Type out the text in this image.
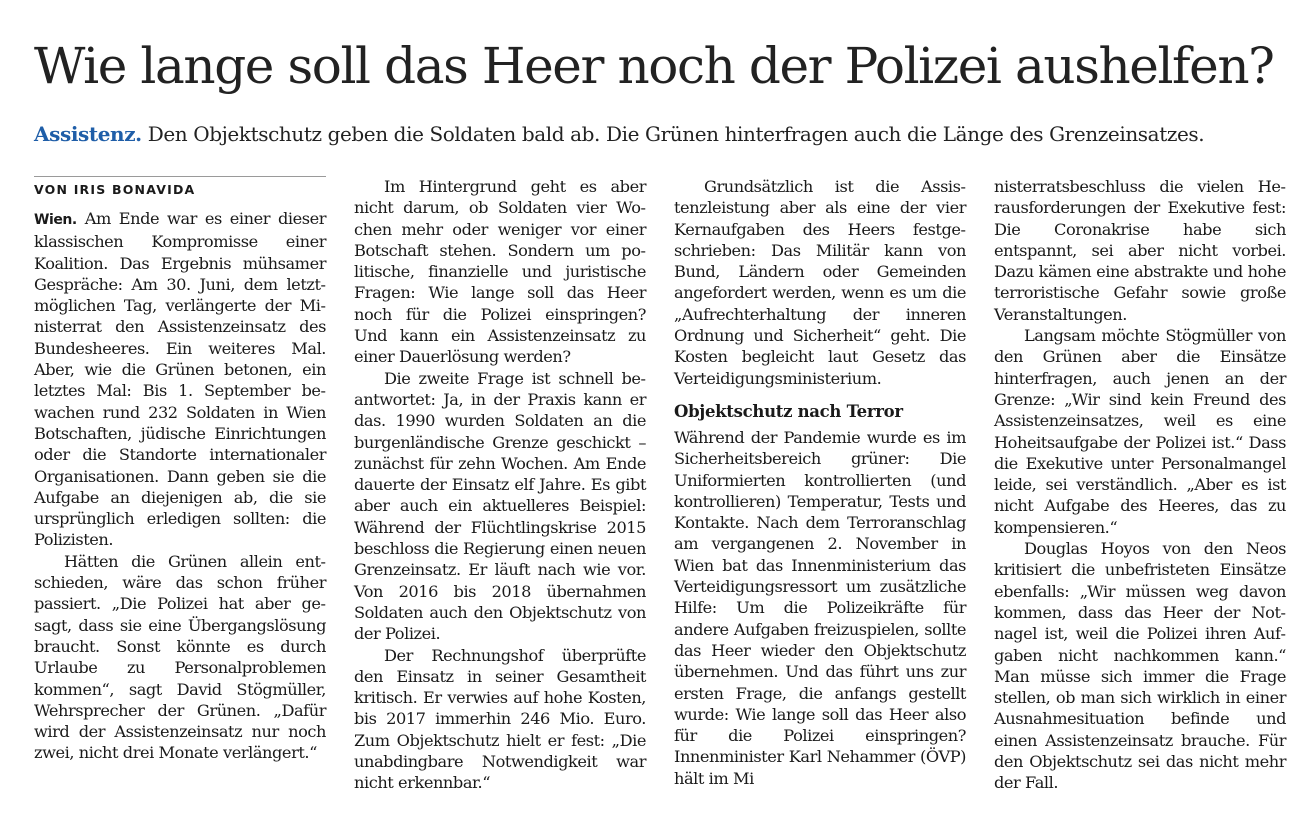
Wie lange soll das Heer noch der Polizei aushelfen?

Assistenz. Den Objektschutz geben die Soldaten bald ab. Die Grünen hinterfragen auch die Länge des Grenzeinsatzes.

VON IRIS BONAVIDA

Wien. Am Ende war es einer dieser klassischen Kompromisse einer Koalition. Das Ergebnis mühsamer Gespräche: Am 30. Juni, dem letztmöglichen Tag, verlängerte der Ministerrat den Assistenzeinsatz des Bundesheeres. Ein weiteres Mal. Aber, wie die Grünen betonen, ein letztes Mal: Bis 1. September bewachen rund 232 Soldaten in Wien Botschaften, jüdische Einrichtungen oder die Standorte internationaler Organisationen. Dann geben sie die Aufgabe an diejenigen ab, die sie ursprünglich erledigen sollten: die Polizisten.

Hätten die Grünen allein entschieden, wäre das schon früher passiert. „Die Polizei hat aber gesagt, dass sie eine Übergangslösung braucht. Sonst könnte es durch Urlaube zu Personalproblemen kommen“, sagt David Stögmüller, Wehrsprecher der Grünen. „Dafür wird der Assistenzeinsatz nur noch zwei, nicht drei Monate verlängert.“

Im Hintergrund geht es aber nicht darum, ob Soldaten vier Wochen mehr oder weniger vor einer Botschaft stehen. Sondern um politische, finanzielle und juristische Fragen: Wie lange soll das Heer noch für die Polizei einspringen? Und kann ein Assistenzeinsatz zu einer Dauerlösung werden?

Die zweite Frage ist schnell beantwortet: Ja, in der Praxis kann er das. 1990 wurden Soldaten an die burgenländische Grenze geschickt – zunächst für zehn Wochen. Am Ende dauerte der Einsatz elf Jahre. Es gibt aber auch ein aktuelleres Beispiel: Während der Flüchtlingskrise 2015 beschloss die Regierung einen neuen Grenzeinsatz. Er läuft nach wie vor. Von 2016 bis 2018 übernahmen Soldaten auch den Objektschutz von der Polizei.

Der Rechnungshof überprüfte den Einsatz in seiner Gesamtheit kritisch. Er verwies auf hohe Kosten, bis 2017 immerhin 246 Mio. Euro. Zum Objektschutz hielt er fest: „Die unabdingbare Notwendigkeit war nicht erkennbar.“

Grundsätzlich ist die Assistenzleistung aber als eine der vier Kernaufgaben des Heers festgeschrieben: Das Militär kann von Bund, Ländern oder Gemeinden angefordert werden, wenn es um die „Aufrechterhaltung der inneren Ordnung und Sicherheit“ geht. Die Kosten begleicht laut Gesetz das Verteidigungsministerium.

Objektschutz nach Terror

Während der Pandemie wurde es im Sicherheitsbereich grüner: Die Uniformierten kontrollierten (und kontrollieren) Temperatur, Tests und Kontakte. Nach dem Terroranschlag am vergangenen 2. November in Wien bat das Innenministerium das Verteidigungsressort um zusätzliche Hilfe: Um die Polizeikräfte für andere Aufgaben freizuspielen, sollte das Heer wieder den Objektschutz übernehmen. Und das führt uns zur ersten Frage, die anfangs gestellt wurde: Wie lange soll das Heer also für die Polizei einspringen? Innenminister Karl Nehammer (ÖVP) hält im Mi

nisterratsbeschluss die vielen Herausforderungen der Exekutive fest: Die Coronakrise habe sich entspannt, sei aber nicht vorbei. Dazu kämen eine abstrakte und hohe terroristische Gefahr sowie große Veranstaltungen.

Langsam möchte Stögmüller von den Grünen aber die Einsätze hinterfragen, auch jenen an der Grenze: „Wir sind kein Freund des Assistenzeinsatzes, weil es eine Hoheitsaufgabe der Polizei ist.“ Dass die Exekutive unter Personalmangel leide, sei verständlich. „Aber es ist nicht Aufgabe des Heeres, das zu kompensieren.“

Douglas Hoyos von den Neos kritisiert die unbefristeten Einsätze ebenfalls: „Wir müssen weg davon kommen, dass das Heer der Notnagel ist, weil die Polizei ihren Aufgaben nicht nachkommen kann.“ Man müsse sich immer die Frage stellen, ob man sich wirklich in einer Ausnahmesituation befinde und einen Assistenzeinsatz brauche. Für den Objektschutz sei das nicht mehr der Fall.
